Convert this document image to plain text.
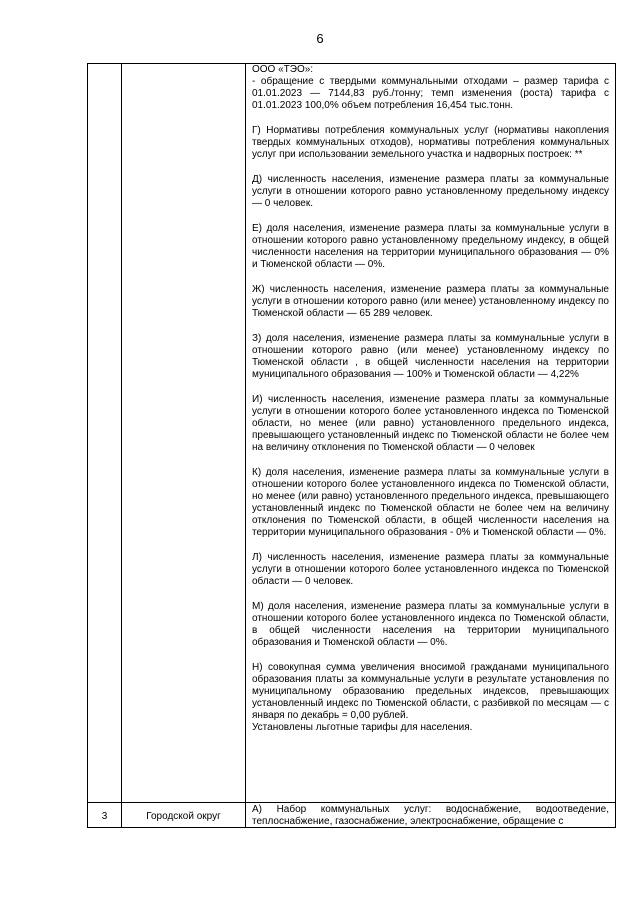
6

ООО «ТЭО»:
- обращение с твердыми коммунальными отходами – размер тарифа с 01.01.2023 — 7144,83 руб./тонну; темп изменения (роста) тарифа с 01.01.2023 100,0% объем потребления 16,454 тыс.тонн.

Г) Нормативы потребления коммунальных услуг (нормативы накопления твердых коммунальных отходов), нормативы потребления коммунальных услуг при использовании земельного участка и надворных построек: **

Д) численность населения, изменение размера платы за коммунальные услуги в отношении которого равно установленному предельному индексу — 0 человек.

Е) доля населения, изменение размера платы за коммунальные услуги в отношении которого равно установленному предельному индексу, в общей численности населения на территории муниципального образования — 0% и Тюменской области — 0%.

Ж) численность населения, изменение размера платы за коммунальные услуги в отношении которого равно (или менее) установленному индексу по Тюменской области — 65 289 человек.

З) доля населения, изменение размера платы за коммунальные услуги в отношении которого равно (или менее) установленному индексу по Тюменской области , в общей численности населения на территории муниципального образования — 100% и Тюменской области — 4,22%

И) численность населения, изменение размера платы за коммунальные услуги в отношении которого более установленного индекса по Тюменской области, но менее (или равно) установленного предельного индекса, превышающего установленный индекс по Тюменской области не более чем на величину отклонения по Тюменской области — 0 человек

К) доля населения, изменение размера платы за коммунальные услуги в отношении которого более установленного индекса по Тюменской области, но менее (или равно) установленного предельного индекса, превышающего установленный индекс по Тюменской области не более чем на величину отклонения по Тюменской области, в общей численности населения на территории муниципального образования - 0% и Тюменской области — 0%.

Л) численность населения, изменение размера платы за коммунальные услуги в отношении которого более установленного индекса по Тюменской области — 0 человек.

М) доля населения, изменение размера платы за коммунальные услуги в отношении которого более установленного индекса по Тюменской области, в общей численности населения на территории муниципального образования и Тюменской области — 0%.

Н) совокупная сумма увеличения вносимой гражданами муниципального образования платы за коммунальные услуги в результате установления по муниципальному образованию предельных индексов, превышающих установленный индекс по Тюменской области, с разбивкой по месяцам — с января по декабрь = 0,00 рублей.

Установлены льготные тарифы для населения.

3	Городской округ

А) Набор коммунальных услуг: водоснабжение, водоотведение, теплоснабжение, газоснабжение, электроснабжение, обращение с
